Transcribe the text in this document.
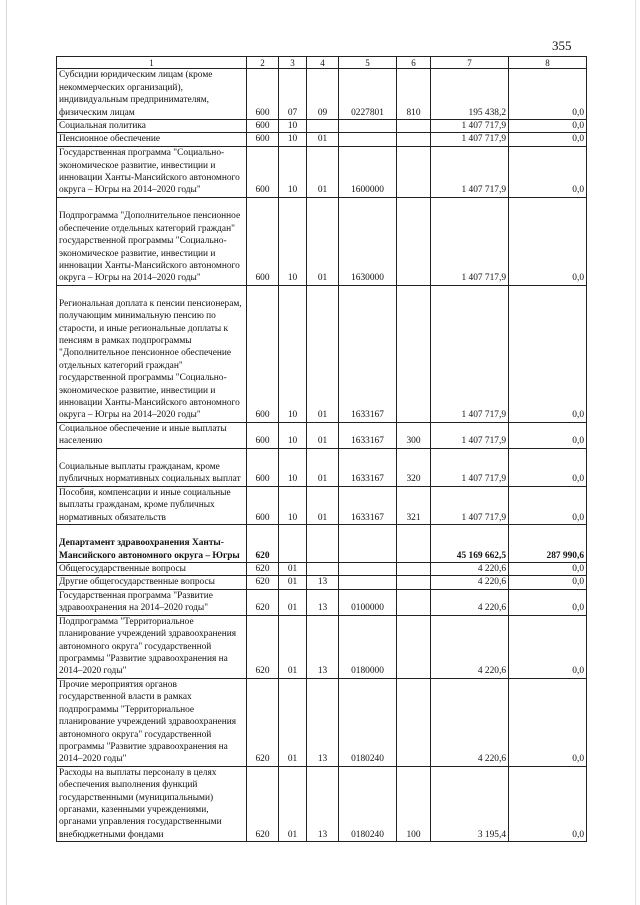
355
1	2	3	4	5	6	7	8
Субсидии юридическим лицам (кроме некоммерческих организаций), индивидуальным предпринимателям, физическим лицам	600	07	09	0227801	810	195 438,2	0,0
Социальная политика	600	10				1 407 717,9	0,0
Пенсионное обеспечение	600	10	01			1 407 717,9	0,0
Государственная программа "Социально-экономическое развитие, инвестиции и инновации Ханты-Мансийского автономного округа – Югры на 2014–2020 годы"	600	10	01	1600000		1 407 717,9	0,0
Подпрограмма "Дополнительное пенсионное обеспечение отдельных категорий граждан" государственной программы "Социально-экономическое развитие, инвестиции и инновации Ханты-Мансийского автономного округа – Югры на 2014–2020 годы"	600	10	01	1630000		1 407 717,9	0,0
Региональная доплата к пенсии пенсионерам, получающим минимальную пенсию по старости, и иные региональные доплаты к пенсиям в рамках подпрограммы "Дополнительное пенсионное обеспечение отдельных категорий граждан" государственной программы "Социально-экономическое развитие, инвестиции и инновации Ханты-Мансийского автономного округа – Югры на 2014–2020 годы"	600	10	01	1633167		1 407 717,9	0,0
Социальное обеспечение и иные выплаты населению	600	10	01	1633167	300	1 407 717,9	0,0
Социальные выплаты гражданам, кроме публичных нормативных социальных выплат	600	10	01	1633167	320	1 407 717,9	0,0
Пособия, компенсации и иные социальные выплаты гражданам, кроме публичных нормативных обязательств	600	10	01	1633167	321	1 407 717,9	0,0
Департамент здравоохранения Ханты-Мансийского автономного округа – Югры	620					45 169 662,5	287 990,6
Общегосударственные вопросы	620	01				4 220,6	0,0
Другие общегосударственные вопросы	620	01	13			4 220,6	0,0
Государственная программа "Развитие здравоохранения на 2014–2020 годы"	620	01	13	0100000		4 220,6	0,0
Подпрограмма "Территориальное планирование учреждений здравоохранения автономного округа" государственной программы "Развитие здравоохранения на 2014–2020 годы"	620	01	13	0180000		4 220,6	0,0
Прочие мероприятия органов государственной власти в рамках подпрограммы "Территориальное планирование учреждений здравоохранения автономного округа" государственной программы "Развитие здравоохранения на 2014–2020 годы"	620	01	13	0180240		4 220,6	0,0
Расходы на выплаты персоналу в целях обеспечения выполнения функций государственными (муниципальными) органами, казенными учреждениями, органами управления государственными внебюджетными фондами	620	01	13	0180240	100	3 195,4	0,0
